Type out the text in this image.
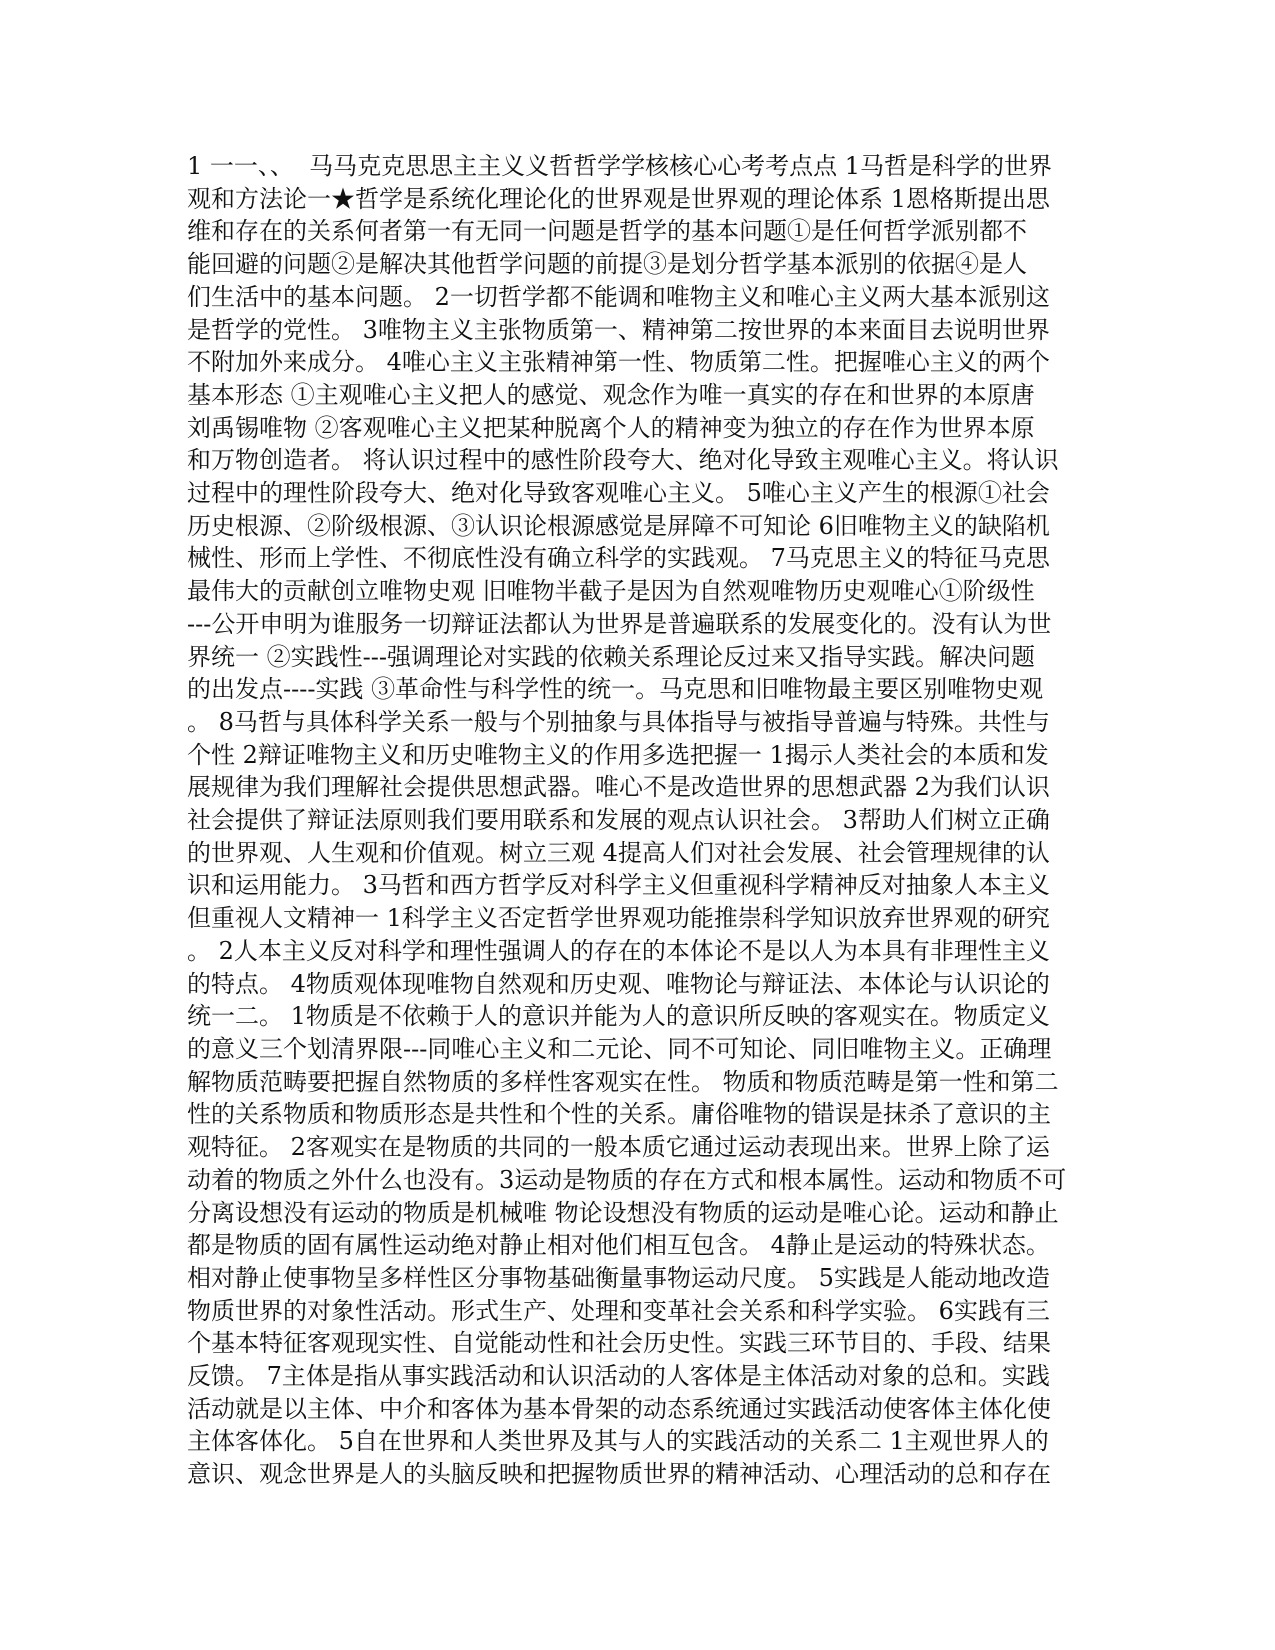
1 一一、、  马马克克思思主主义义哲哲学学核核心心考考点点 1马哲是科学的世界
观和方法论一★哲学是系统化理论化的世界观是世界观的理论体系 1恩格斯提出思
维和存在的关系何者第一有无同一问题是哲学的基本问题①是任何哲学派别都不
能回避的问题②是解决其他哲学问题的前提③是划分哲学基本派别的依据④是人
们生活中的基本问题。 2一切哲学都不能调和唯物主义和唯心主义两大基本派别这
是哲学的党性。 3唯物主义主张物质第一、精神第二按世界的本来面目去说明世界
不附加外来成分。 4唯心主义主张精神第一性、物质第二性。把握唯心主义的两个
基本形态 ①主观唯心主义把人的感觉、观念作为唯一真实的存在和世界的本原唐
刘禹锡唯物 ②客观唯心主义把某种脱离个人的精神变为独立的存在作为世界本原
和万物创造者。 将认识过程中的感性阶段夸大、绝对化导致主观唯心主义。将认识
过程中的理性阶段夸大、绝对化导致客观唯心主义。 5唯心主义产生的根源①社会
历史根源、②阶级根源、③认识论根源感觉是屏障不可知论 6旧唯物主义的缺陷机
械性、形而上学性、不彻底性没有确立科学的实践观。 7马克思主义的特征马克思
最伟大的贡献创立唯物史观 旧唯物半截子是因为自然观唯物历史观唯心①阶级性
---公开申明为谁服务一切辩证法都认为世界是普遍联系的发展变化的。没有认为世
界统一 ②实践性---强调理论对实践的依赖关系理论反过来又指导实践。解决问题
的出发点----实践 ③革命性与科学性的统一。马克思和旧唯物最主要区别唯物史观
。 8马哲与具体科学关系一般与个别抽象与具体指导与被指导普遍与特殊。共性与
个性 2辩证唯物主义和历史唯物主义的作用多选把握一 1揭示人类社会的本质和发
展规律为我们理解社会提供思想武器。唯心不是改造世界的思想武器 2为我们认识
社会提供了辩证法原则我们要用联系和发展的观点认识社会。 3帮助人们树立正确
的世界观、人生观和价值观。树立三观 4提高人们对社会发展、社会管理规律的认
识和运用能力。 3马哲和西方哲学反对科学主义但重视科学精神反对抽象人本主义
但重视人文精神一 1科学主义否定哲学世界观功能推崇科学知识放弃世界观的研究
。 2人本主义反对科学和理性强调人的存在的本体论不是以人为本具有非理性主义
的特点。 4物质观体现唯物自然观和历史观、唯物论与辩证法、本体论与认识论的
统一二。 1物质是不依赖于人的意识并能为人的意识所反映的客观实在。物质定义
的意义三个划清界限---同唯心主义和二元论、同不可知论、同旧唯物主义。正确理
解物质范畴要把握自然物质的多样性客观实在性。 物质和物质范畴是第一性和第二
性的关系物质和物质形态是共性和个性的关系。庸俗唯物的错误是抹杀了意识的主
观特征。 2客观实在是物质的共同的一般本质它通过运动表现出来。世界上除了运
动着的物质之外什么也没有。3运动是物质的存在方式和根本属性。运动和物质不可
分离设想没有运动的物质是机械唯 物论设想没有物质的运动是唯心论。运动和静止
都是物质的固有属性运动绝对静止相对他们相互包含。 4静止是运动的特殊状态。
相对静止使事物呈多样性区分事物基础衡量事物运动尺度。 5实践是人能动地改造
物质世界的对象性活动。形式生产、处理和变革社会关系和科学实验。 6实践有三
个基本特征客观现实性、自觉能动性和社会历史性。实践三环节目的、手段、结果
反馈。 7主体是指从事实践活动和认识活动的人客体是主体活动对象的总和。实践
活动就是以主体、中介和客体为基本骨架的动态系统通过实践活动使客体主体化使
主体客体化。 5自在世界和人类世界及其与人的实践活动的关系二 1主观世界人的
意识、观念世界是人的头脑反映和把握物质世界的精神活动、心理活动的总和存在
